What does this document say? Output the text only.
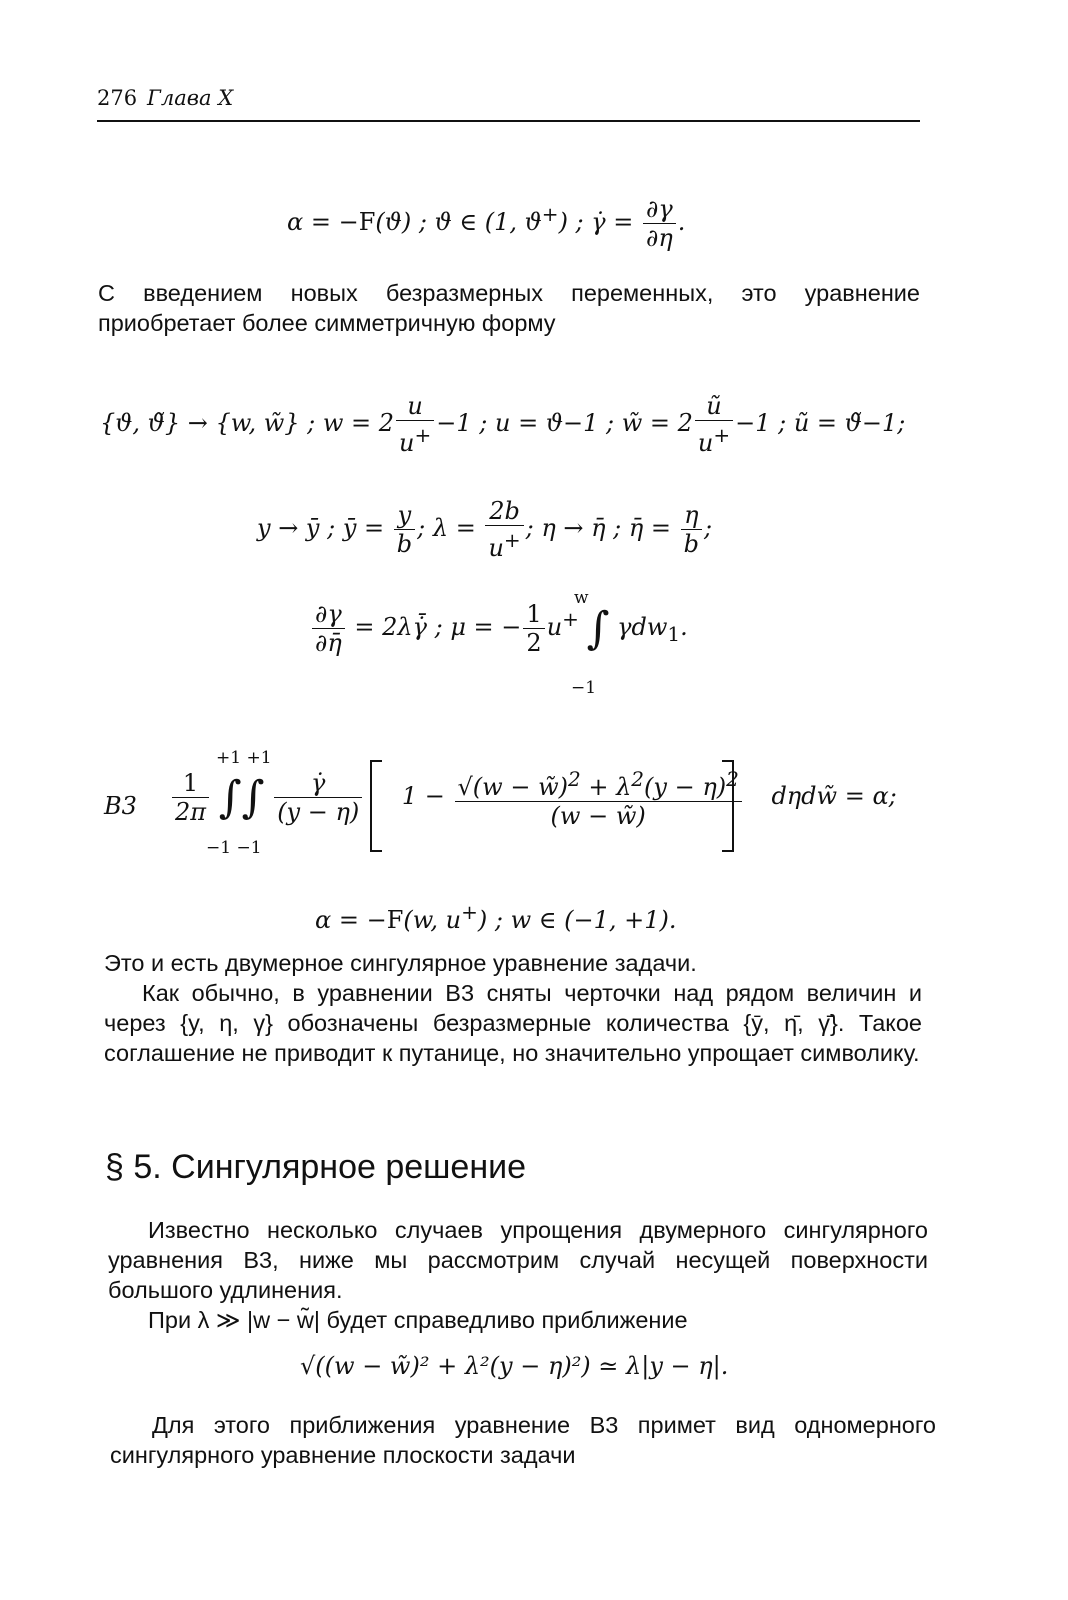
276 Глава X
α = −F(ϑ) ; ϑ ∈ (1, ϑ+) ; γ̇ = $\frac{\partial\gamma}{\partial\eta}$ .
С введением новых безразмерных переменных, это уравнение приобретает более симметричную форму
{ϑ, ϑ̃} → {w, w̃} ; $w = 2 \frac{u}{u^+} -1$ ; u = ϑ−1 ; w̃ = $2 \frac{ũ}{u^+} -1$ ; ũ = ϑ̃−1;
y → ȳ ; ȳ = $\frac{y}{b}$ ; $\lambda = \frac{2b}{u^+}$ ; η → η̄ ; η̄ = $\frac{\eta}{b}$ ;
$\frac{\partial\gamma}{\partial\etā}$ = 2λγ̇̄ ; μ = − $\frac{1}{2} u^+$ ∫ γdw$_1$.
w
−1
$B3 \frac{1}{2\pi}$ ∫∫ $\frac{\gammȧ}{(y - \eta)} 1 - \frac{√(w - w̃)^2 + \lambda^2(y - \eta)^2}{(w - w̃)}$ dηdw̃ = α;
+1 +1
−1 −1
α = −F(w, u+) ; w ∈ (−1, +1).
Это и есть двумерное сингулярное уравнение задачи.
Как обычно, в уравнении B3 сняты черточки над рядом величин и через {y, η, γ} обозначены безразмерные количества {ȳ, η̄, γ̄}. Такое соглашение не приводит к путанице, но значительно упрощает символику.
§ 5. Сингулярное решение
Известно несколько случаев упрощения двумерного сингулярного уравнения B3, ниже мы рассмотрим случай несущей поверхности большого удлинения.
При λ ≫ |w − w̃| будет справедливо приближение
√((w − w̃)² + λ²(y − η)²) ≃ λ|y − η|.
Для этого приближения уравнение B3 примет вид одномерного сингулярного уравнение плоскости задачи
